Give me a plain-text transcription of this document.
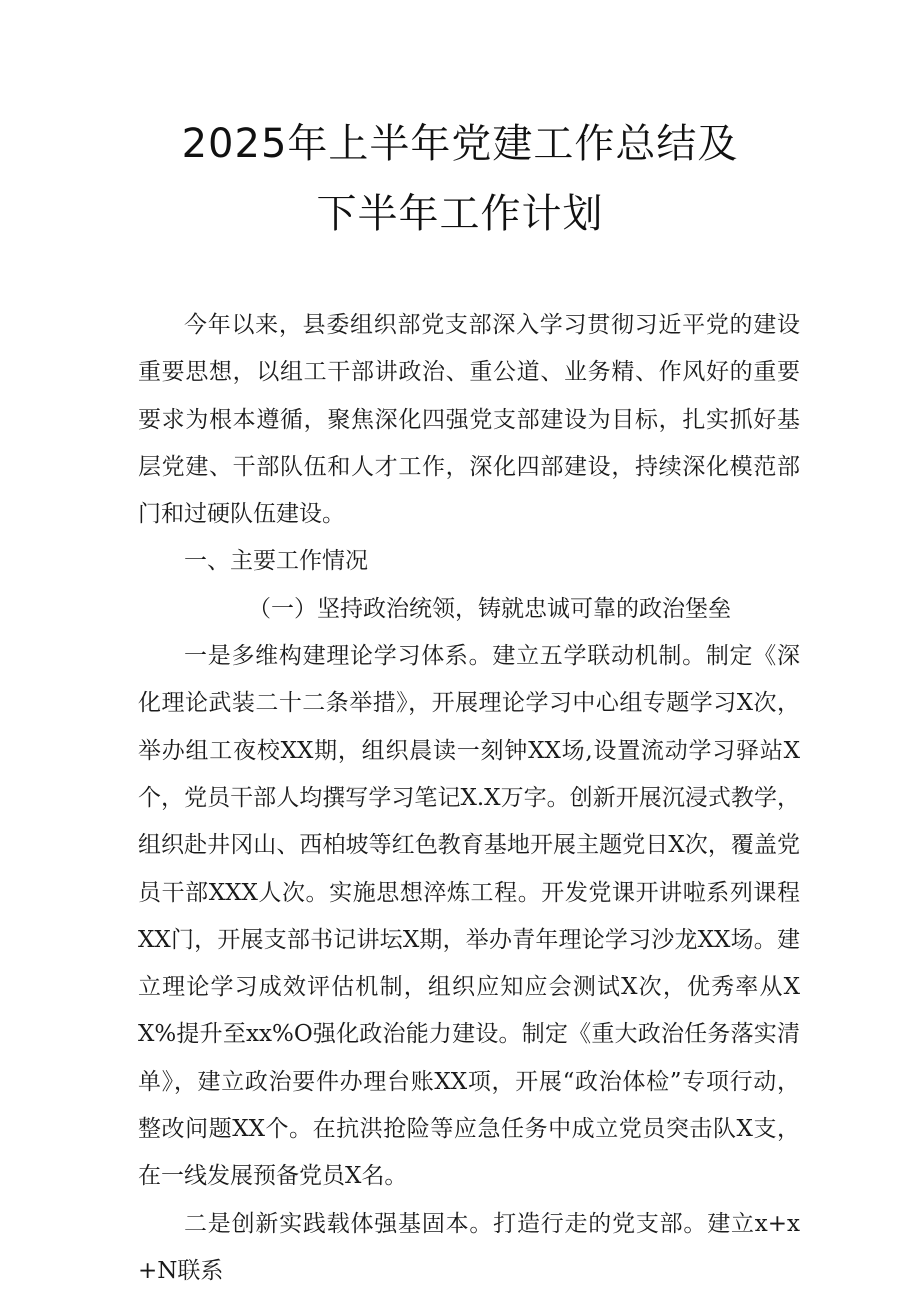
2025年上半年党建工作总结及
下半年工作计划

今年以来，县委组织部党支部深入学习贯彻习近平党的建设重要思想，以组工干部讲政治、重公道、业务精、作风好的重要要求为根本遵循，聚焦深化四强党支部建设为目标，扎实抓好基层党建、干部队伍和人才工作，深化四部建设，持续深化模范部门和过硬队伍建设。

一、主要工作情况

（一）坚持政治统领，铸就忠诚可靠的政治堡垒

一是多维构建理论学习体系。建立五学联动机制。制定《深化理论武装二十二条举措》，开展理论学习中心组专题学习X次，举办组工夜校XX期，组织晨读一刻钟XX场,设置流动学习驿站X个，党员干部人均撰写学习笔记X.X万字。创新开展沉浸式教学，组织赴井冈山、西柏坡等红色教育基地开展主题党日X次，覆盖党员干部XXX人次。实施思想淬炼工程。开发党课开讲啦系列课程XX门，开展支部书记讲坛X期，举办青年理论学习沙龙XX场。建立理论学习成效评估机制，组织应知应会测试X次，优秀率从XX%提升至xx%O强化政治能力建设。制定《重大政治任务落实清单》，建立政治要件办理台账XX项，开展“政治体检”专项行动，整改问题XX个。在抗洪抢险等应急任务中成立党员突击队X支，在一线发展预备党员X名。

二是创新实践载体强基固本。打造行走的党支部。建立x+x+N联系
